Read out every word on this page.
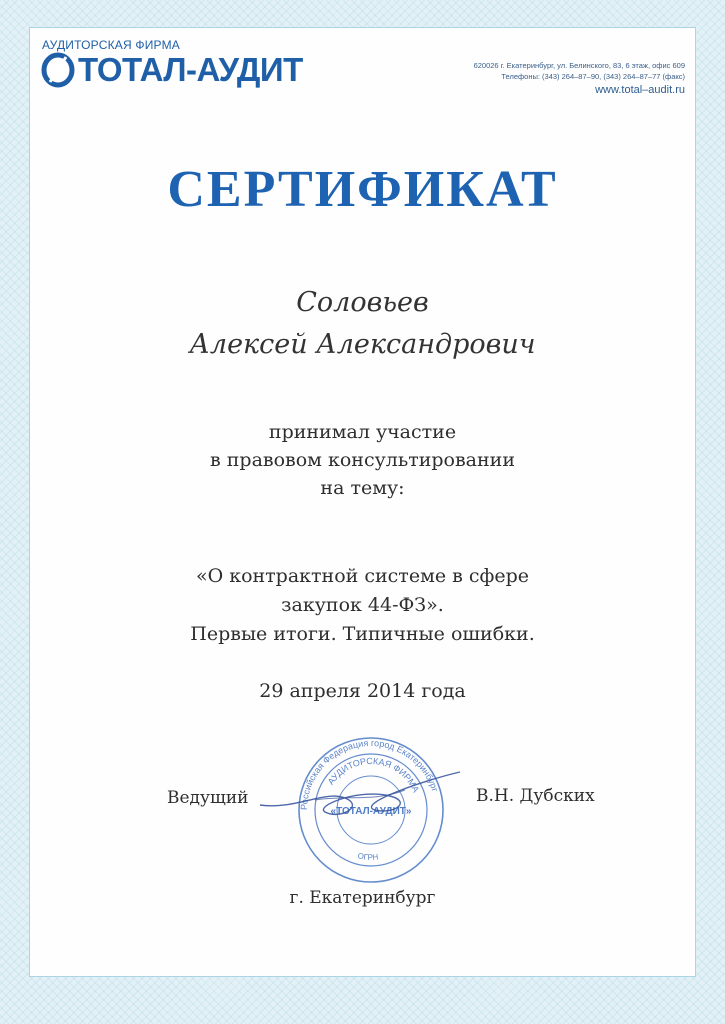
АУДИТОРСКАЯ ФИРМА
ТОТАЛ-АУДИТ	620026 г. Екатеринбург, ул. Белинского, 83, 6 этаж, офис 609
Телефоны: (343) 264–87–90, (343) 264–87–77 (факс)
www.total–audit.ru
СЕРТИФИКАТ
Соловьев
Алексей Александрович
принимал участие
в правовом консультировании
на тему:
«О контрактной системе в сфере
закупок 44-ФЗ».
Первые итоги. Типичные ошибки.
29 апреля 2014 года
Российская Федерация город Екатеринбург
АУДИТОРСКАЯ ФИРМА
ОГРН
«ТОТАЛ-АУДИТ»
Ведущий	В.Н. Дубских
г. Екатеринбург
